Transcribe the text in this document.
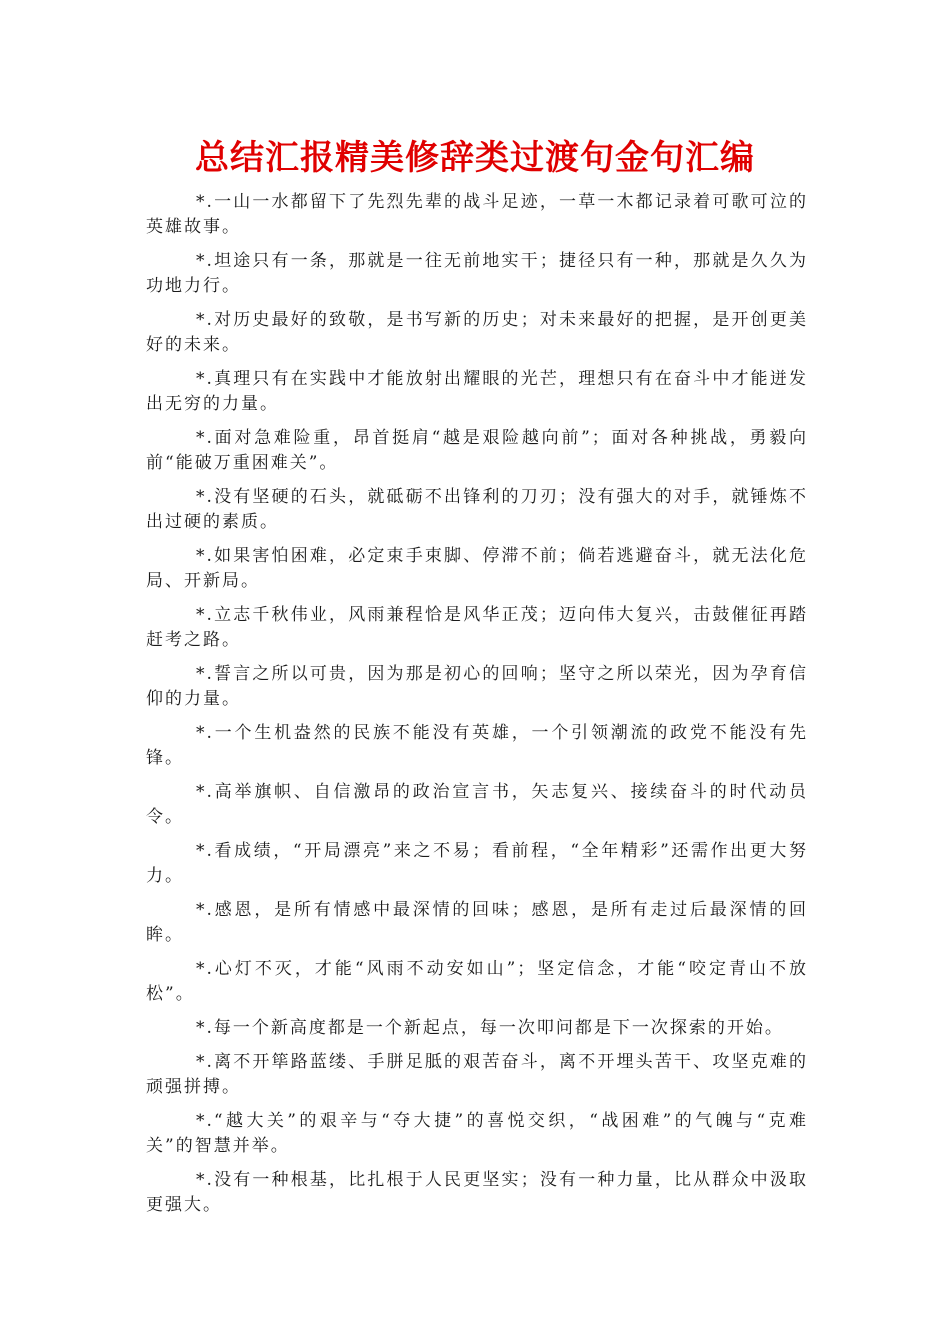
总结汇报精美修辞类过渡句金句汇编

*.一山一水都留下了先烈先辈的战斗足迹，一草一木都记录着可歌可泣的英雄故事。

*.坦途只有一条，那就是一往无前地实干；捷径只有一种，那就是久久为功地力行。

*.对历史最好的致敬，是书写新的历史；对未来最好的把握，是开创更美好的未来。

*.真理只有在实践中才能放射出耀眼的光芒，理想只有在奋斗中才能迸发出无穷的力量。

*.面对急难险重，昂首挺肩“越是艰险越向前”；面对各种挑战，勇毅向前“能破万重困难关”。

*.没有坚硬的石头，就砥砺不出锋利的刀刃；没有强大的对手，就锤炼不出过硬的素质。

*.如果害怕困难，必定束手束脚、停滞不前；倘若逃避奋斗，就无法化危局、开新局。

*.立志千秋伟业，风雨兼程恰是风华正茂；迈向伟大复兴，击鼓催征再踏赶考之路。

*.誓言之所以可贵，因为那是初心的回响；坚守之所以荣光，因为孕育信仰的力量。

*.一个生机盎然的民族不能没有英雄，一个引领潮流的政党不能没有先锋。

*.高举旗帜、自信激昂的政治宣言书，矢志复兴、接续奋斗的时代动员令。

*.看成绩，“开局漂亮”来之不易；看前程，“全年精彩”还需作出更大努力。

*.感恩，是所有情感中最深情的回味；感恩，是所有走过后最深情的回眸。

*.心灯不灭，才能“风雨不动安如山”；坚定信念，才能“咬定青山不放松”。

*.每一个新高度都是一个新起点，每一次叩问都是下一次探索的开始。

*.离不开筚路蓝缕、手胼足胝的艰苦奋斗，离不开埋头苦干、攻坚克难的顽强拼搏。

*.“越大关”的艰辛与“夺大捷”的喜悦交织，“战困难”的气魄与“克难关”的智慧并举。

*.没有一种根基，比扎根于人民更坚实；没有一种力量，比从群众中汲取更强大。
